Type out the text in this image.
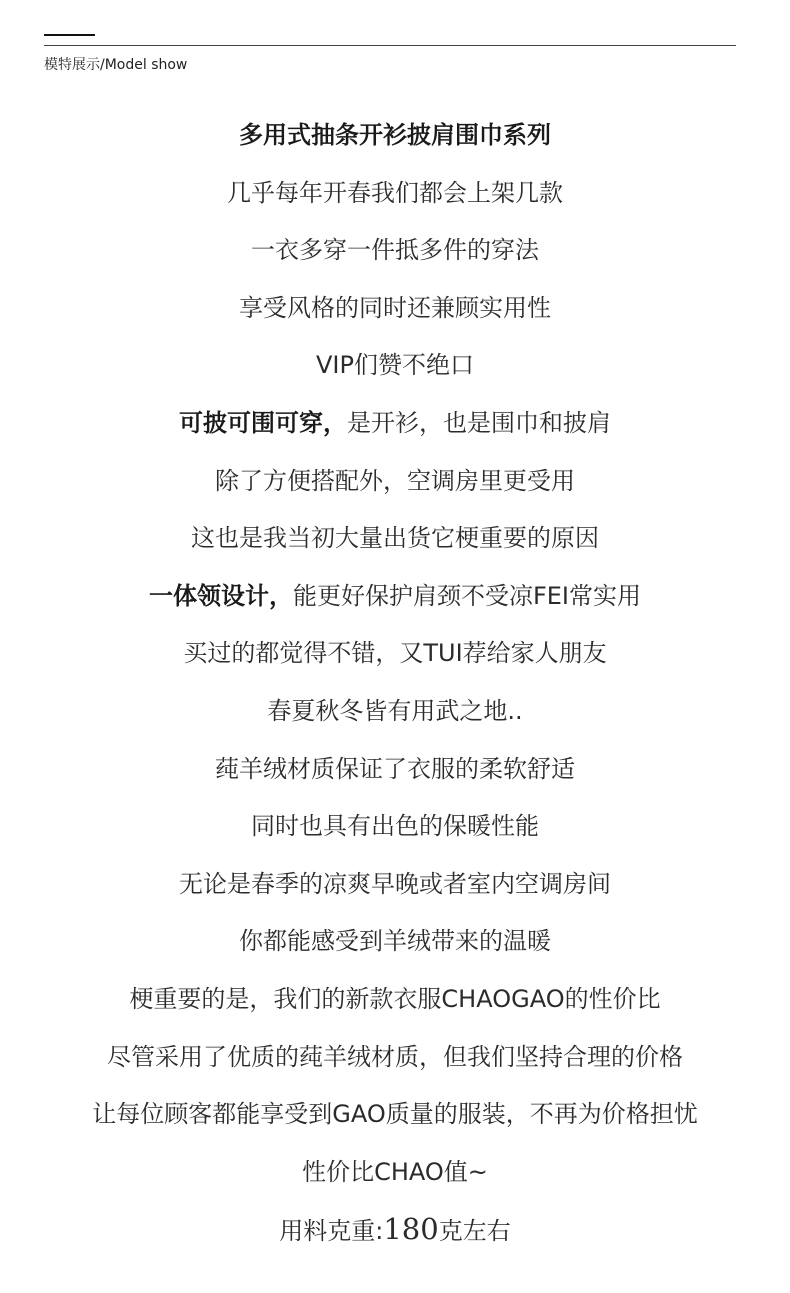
模特展示/Model show
多用式抽条开衫披肩围巾系列
几乎每年开春我们都会上架几款
一衣多穿一件抵多件的穿法
享受风格的同时还兼顾实用性
VIP们赞不绝口
可披可围可穿，是开衫，也是围巾和披肩
除了方便搭配外，空调房里更受用
这也是我当初大量出货它梗重要的原因
一体领设计，能更好保护肩颈不受凉FEI常实用
买过的都觉得不错，又TUI荐给家人朋友
春夏秋冬皆有用武之地..
莼羊绒材质保证了衣服的柔软舒适
同时也具有出色的保暖性能
无论是春季的凉爽早晚或者室内空调房间
你都能感受到羊绒带来的温暖
梗重要的是，我们的新款衣服CHAOGAO的性价比
尽管采用了优质的莼羊绒材质，但我们坚持合理的价格
让每位顾客都能享受到GAO质量的服装，不再为价格担忧
性价比CHAO值~
用料克重:180克左右
